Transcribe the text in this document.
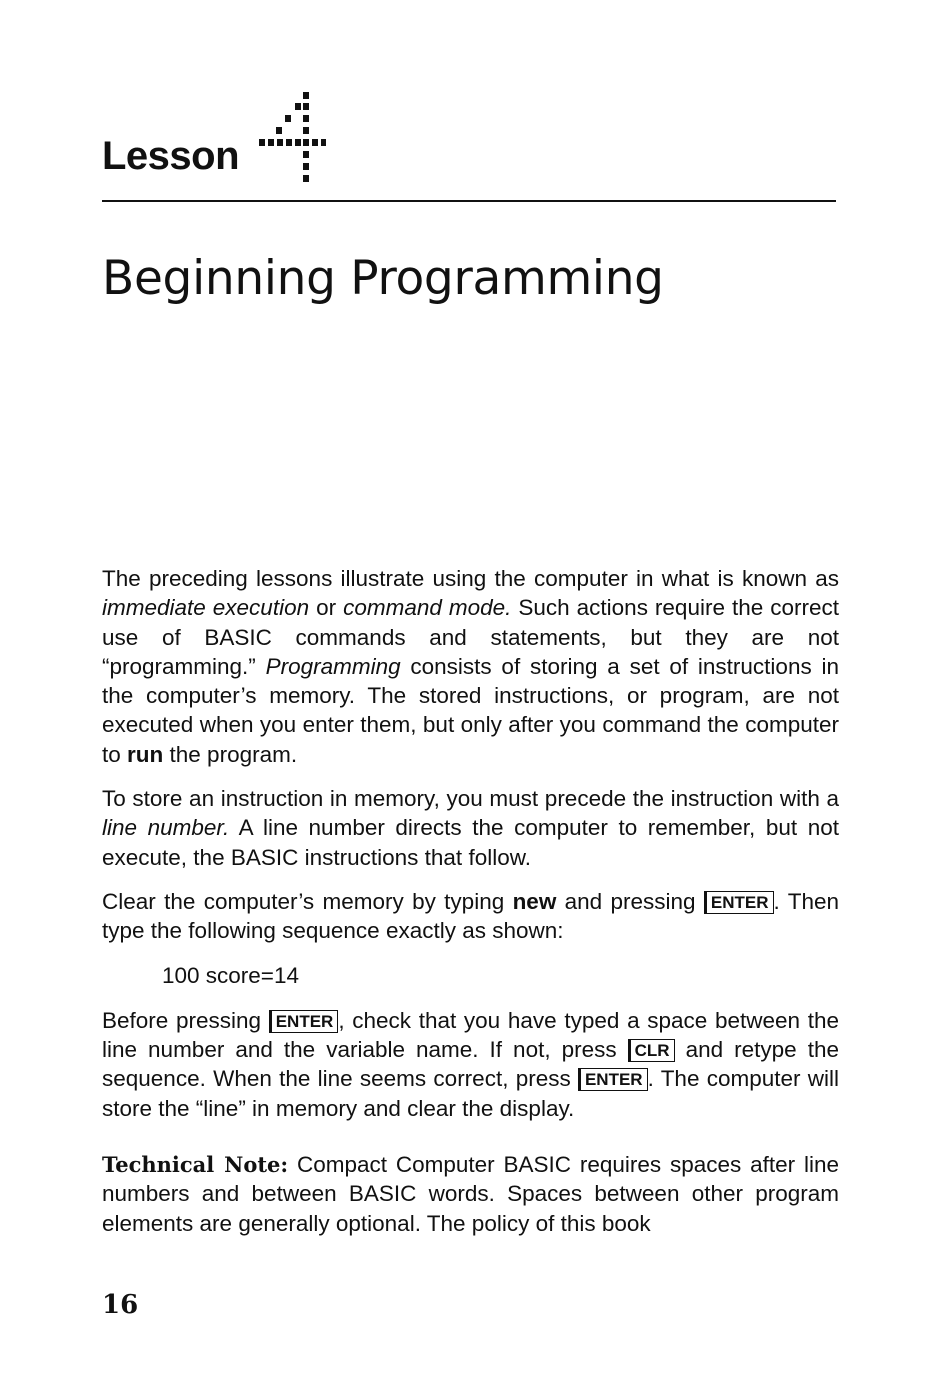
Lesson
Beginning Programming

The preceding lessons illustrate using the computer in what is known as immediate execution or command mode. Such actions require the correct use of BASIC commands and statements, but they are not “programming.” Programming consists of storing a set of instructions in the computer’s memory. The stored instructions, or program, are not executed when you enter them, but only after you command the computer to run the program.

To store an instruction in memory, you must precede the instruction with a line number. A line number directs the computer to remember, but not execute, the BASIC instructions that follow.

Clear the computer’s memory by typing new and pressing ENTER . Then type the following sequence exactly as shown:

100 score=14

Before pressing ENTER , check that you have typed a space between the line number and the variable name. If not, press CLR and retype the sequence. When the line seems correct, press ENTER . The computer will store the “line” in memory and clear the display.

Technical Note: Compact Computer BASIC requires spaces after line numbers and between BASIC words. Spaces between other program elements are generally optional. The policy of this book

16
